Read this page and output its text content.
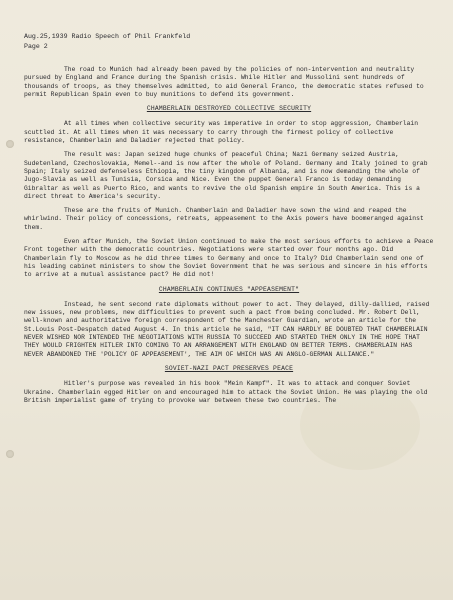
Aug.25,1939 Radio Speech of Phil Frankfeld
Page 2
The road to Munich had already been paved by the policies of non-intervention and neutrality pursued by England and France during the Spanish crisis. While Hitler and Mussolini sent hundreds of thousands of troops, as they themselves admitted, to aid General Franco, the democratic states refused to permit Republican Spain even to buy munitions to defend its government.
CHAMBERLAIN DESTROYED COLLECTIVE SECURITY
At all times when collective security was imperative in order to stop aggression, Chamberlain scuttled it. At all times when it was necessary to carry through the firmest policy of collective resistance, Chamberlain and Daladier rejected that policy.
The result was: Japan seized huge chunks of peaceful China; Nazi Germany seized Austria, Sudetenland, Czechoslovakia, Memel--and is now after the whole of Poland. Germany and Italy joined to grab Spain; Italy seized defenseless Ethiopia, the tiny kingdom of Albania, and is now demanding the whole of Jugo-Slavia as well as Tunisia, Corsica and Nice. Even the puppet General Franco is today demanding Gibraltar as well as Puerto Rico, and wants to revive the old Spanish empire in South America. This is a direct threat to America's security.
These are the fruits of Munich. Chamberlain and Daladier have sown the wind and reaped the whirlwind. Their policy of concessions, retreats, appeasement to the Axis powers have boomeranged against them.
Even after Munich, the Soviet Union continued to make the most serious efforts to achieve a Peace Front together with the democratic countries. Negotiations were started over four months ago. Did Chamberlain fly to Moscow as he did three times to Germany and once to Italy? Did Chamberlain send one of his leading cabinet ministers to show the Soviet Government that he was serious and sincere in his efforts to arrive at a mutual assistance pact? He did not!
CHAMBERLAIN CONTINUES "APPEASEMENT"
Instead, he sent second rate diplomats without power to act. They delayed, dilly-dallied, raised new issues, new problems, new difficulties to prevent such a pact from being concluded. Mr. Robert Dell, well-known and authoritative foreign correspondent of the Manchester Guardian, wrote an article for the St.Louis Post-Despatch dated August 4. In this article he said, "IT CAN HARDLY BE DOUBTED THAT CHAMBERLAIN NEVER WISHED NOR INTENDED THE NEGOTIATIONS WITH RUSSIA TO SUCCEED AND STARTED THEM ONLY IN THE HOPE THAT THEY WOULD FRIGHTEN HITLER INTO COMING TO AN ARRANGEMENT WITH ENGLAND ON BETTER TERMS. CHAMBERLAIN HAS NEVER ABANDONED THE 'POLICY OF APPEASEMENT', THE AIM OF WHICH WAS AN ANGLO-GERMAN ALLIANCE."
SOVIET-NAZI PACT PRESERVES PEACE
Hitler's purpose was revealed in his book "Mein Kampf". It was to attack and conquer Soviet Ukraine. Chamberlain egged Hitler on and encouraged him to attack the Soviet Union. He was playing the old British imperialist game of trying to provoke war between these two countries. The
